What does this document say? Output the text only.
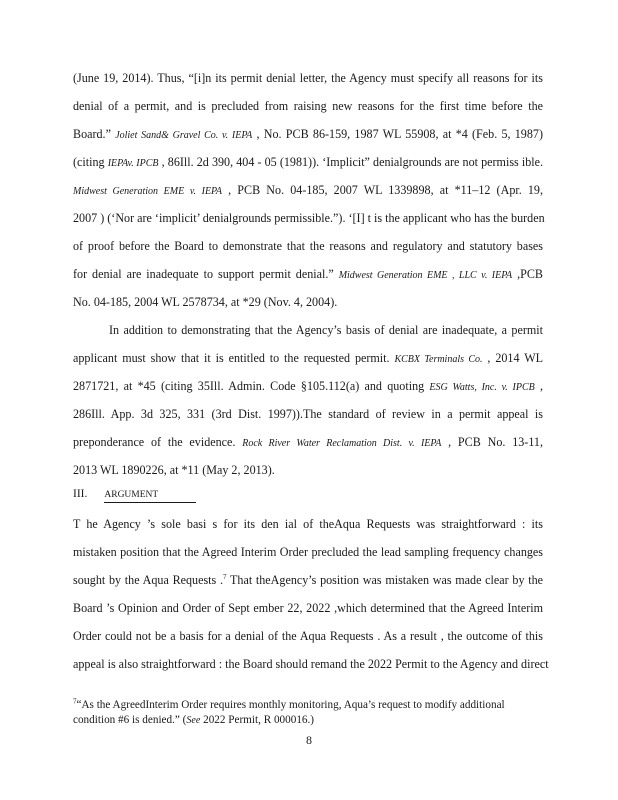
(June 19, 2014). Thus, “[i]n its permit denial letter, the Agency must specify all reasons for its
denial of a permit, and is precluded from raising new reasons for the first time before the
Board.” Joliet Sand& Gravel Co. v. IEPA , No. PCB 86-159, 1987 WL 55908, at *4 (Feb. 5, 1987)
(citing IEPAv. IPCB , 86Ill. 2d 390, 404 - 05 (1981)). ‘Implicit” denialgrounds are not permiss ible.
Midwest Generation EME v. IEPA , PCB No. 04-185, 2007 WL 1339898, at *11–12 (Apr. 19,
2007 ) (‘Nor are ‘implicit’ denialgrounds permissible.”). ‘[I] t is the applicant who has the burden
of proof before the Board to demonstrate that the reasons and regulatory and statutory bases
for denial are inadequate to support permit denial.” Midwest Generation EME , LLC v. IEPA ,PCB
No. 04-185, 2004 WL 2578734, at *29 (Nov. 4, 2004).
In addition to demonstrating that the Agency’s basis of denial are inadequate, a permit
applicant must show that it is entitled to the requested permit. KCBX Terminals Co. , 2014 WL
2871721, at *45 (citing 35Ill. Admin. Code §105.112(a) and quoting ESG Watts, Inc. v. IPCB ,
286Ill. App. 3d 325, 331 (3rd Dist. 1997)).The standard of review in a permit appeal is
preponderance of the evidence. Rock River Water Reclamation Dist. v. IEPA , PCB No. 13-11,
2013 WL 1890226, at *11 (May 2, 2013).
T he Agency ’s sole basi s for its den ial of theAqua Requests was straightforward : its
mistaken position that the Agreed Interim Order precluded the lead sampling frequency changes
sought by the Aqua Requests .$^7$ That theAgency’s position was mistaken was made clear by the
Board ’s Opinion and Order of Sept ember 22, 2022 ,which determined that the Agreed Interim
Order could not be a basis for a denial of the Aqua Requests . As a result , the outcome of this
appeal is also straightforward : the Board should remand the 2022 Permit to the Agency and direct
III. ARGUMENT
$^7$“As the AgreedInterim Order requires monthly monitoring, Aqua’s request to modify additional
condition #6 is denied.” (See 2022 Permit, R 000016.)
8
